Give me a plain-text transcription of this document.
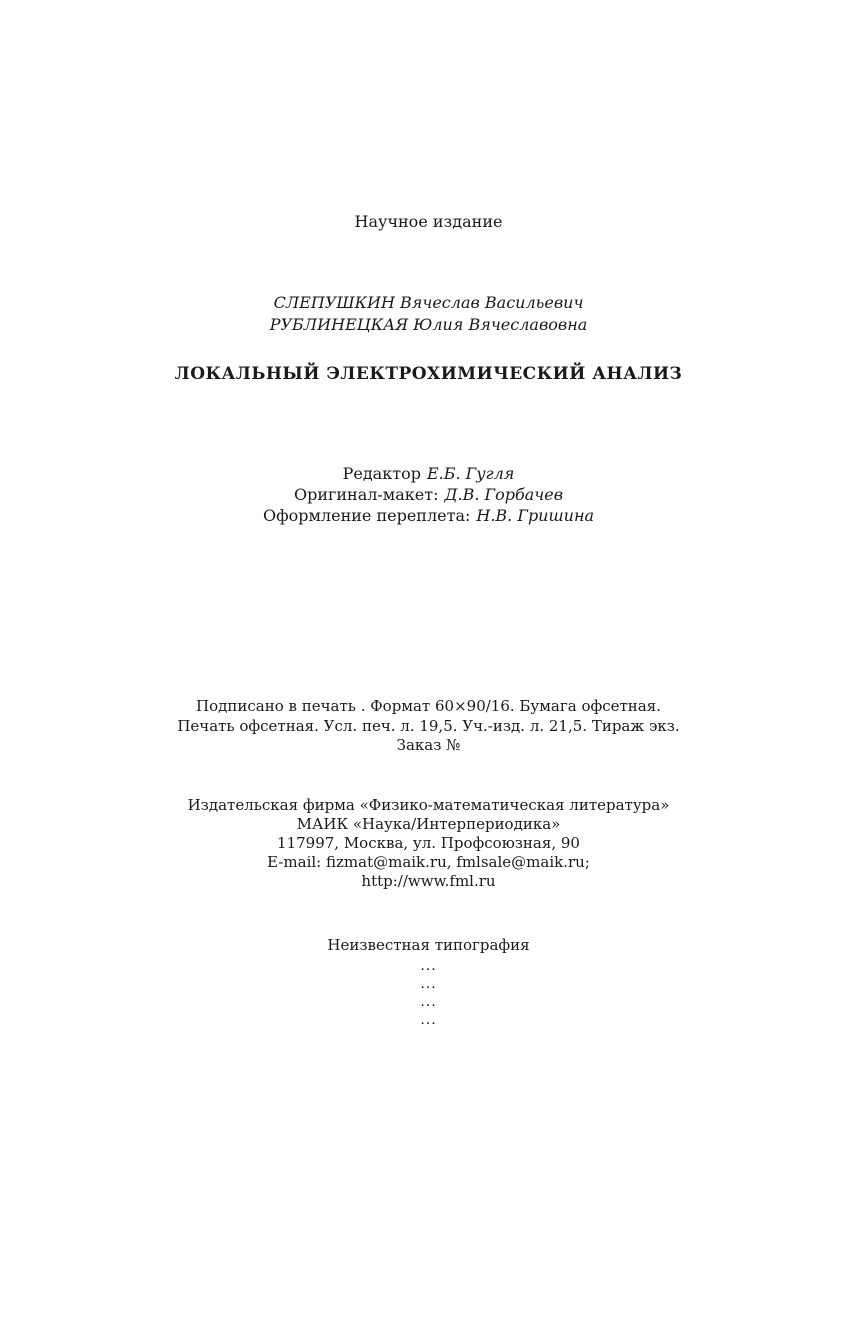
Научное издание
СЛЕПУШКИН Вячеслав Васильевич
РУБЛИНЕЦКАЯ Юлия Вячеславовна
ЛОКАЛЬНЫЙ ЭЛЕКТРОХИМИЧЕСКИЙ АНАЛИЗ
Редактор Е.Б. Гугля
Оригинал-макет: Д.В. Горбачев
Оформление переплета: Н.В. Гришина
Подписано в печать . Формат 60×90/16. Бумага офсетная.
Печать офсетная. Усл. печ. л. 19,5. Уч.-изд. л. 21,5. Тираж экз.
Заказ №
Издательская фирма «Физико-математическая литература»
МАИК «Наука/Интерпериодика»
117997, Москва, ул. Профсоюзная, 90
E-mail: fizmat@maik.ru, fmlsale@maik.ru;
http://www.fml.ru
Неизвестная типография
...
...
...
...
